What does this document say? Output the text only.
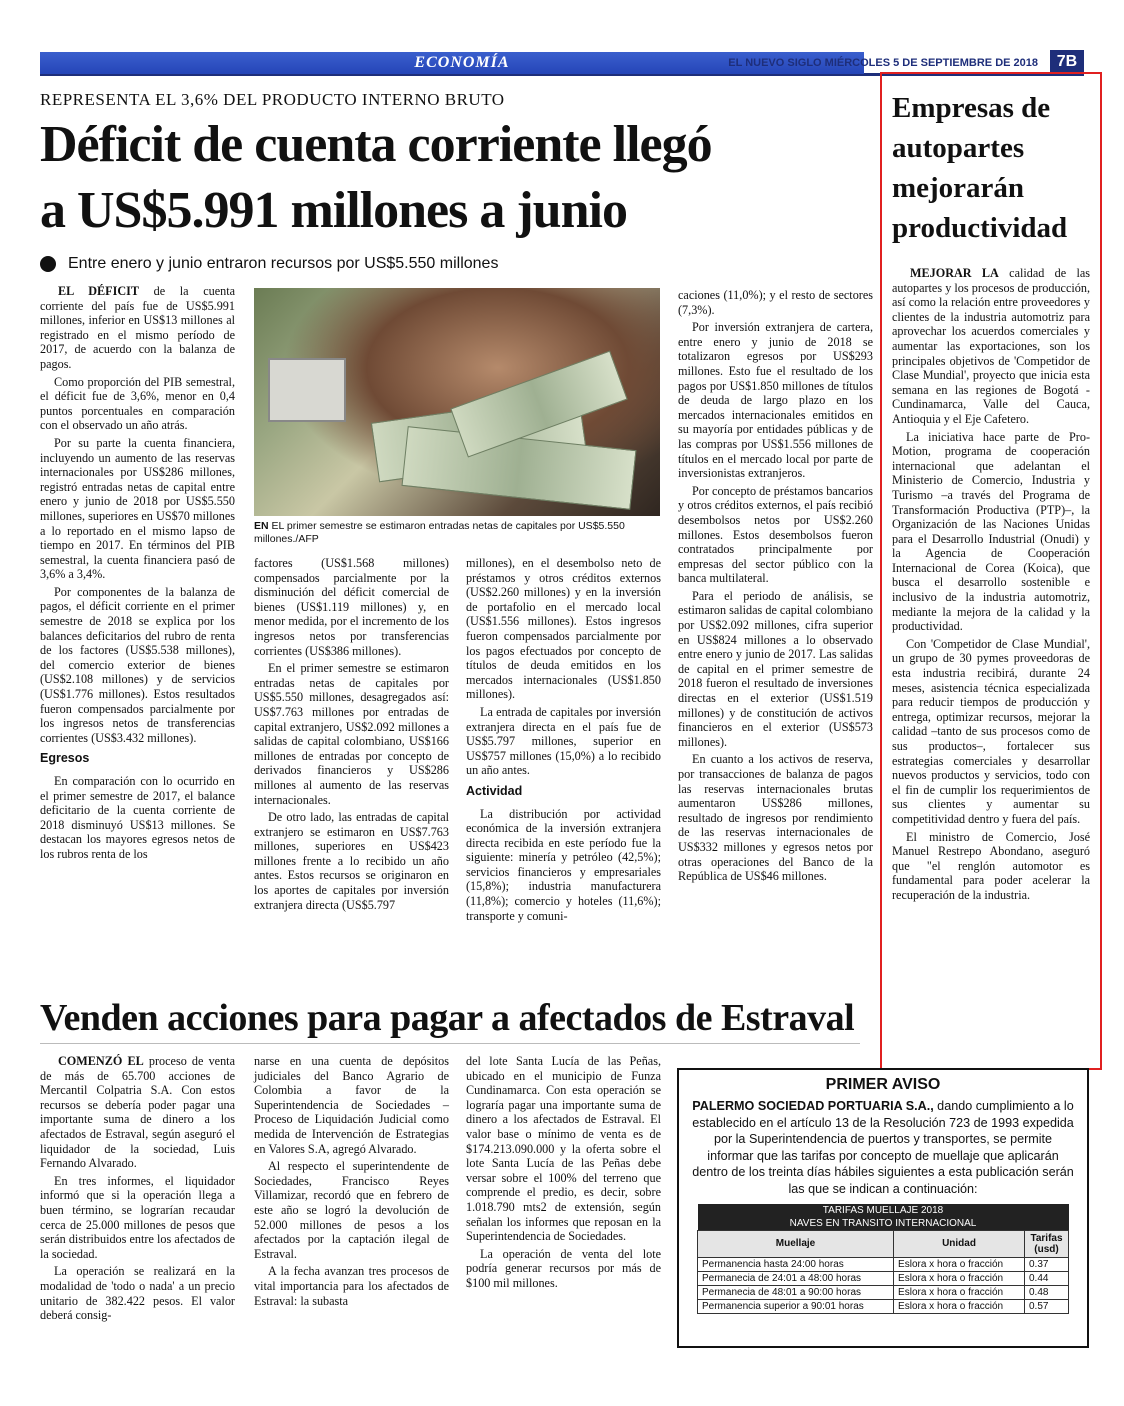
ECONOMÍA	EL NUEVO SIGLO MIÉRCOLES 5 DE SEPTIEMBRE DE 2018	7B
REPRESENTA EL 3,6% DEL PRODUCTO INTERNO BRUTO
Déficit de cuenta corriente llegó
a US$5.991 millones a junio
Entre enero y junio entraron recursos por US$5.550 millones

EL DÉFICIT de la cuenta corriente del país fue de US$5.991 millones, inferior en US$13 millones al registrado en el mismo período de 2017, de acuerdo con la balanza de pagos.

Como proporción del PIB semestral, el déficit fue de 3,6%, menor en 0,4 puntos porcentuales en comparación con el observado un año atrás.

Por su parte la cuenta financiera, incluyendo un aumento de las reservas internacionales por US$286 millones, registró entradas netas de capital entre enero y junio de 2018 por US$5.550 millones, superiores en US$70 millones a lo reportado en el mismo lapso de tiempo en 2017. En términos del PIB semestral, la cuenta financiera pasó de 3,6% a 3,4%.

Por componentes de la balanza de pagos, el déficit corriente en el primer semestre de 2018 se explica por los balances deficitarios del rubro de renta de los factores (US$5.538 millones), del comercio exterior de bienes (US$2.108 millones) y de servicios (US$1.776 millones). Estos resultados fueron compensados parcialmente por los ingresos netos de transferencias corrientes (US$3.432 millones).

Egresos

En comparación con lo ocurrido en el primer semestre de 2017, el balance deficitario de la cuenta corriente de 2018 disminuyó US$13 millones. Se destacan los mayores egresos netos de los rubros renta de los

EN EL primer semestre se estimaron entradas netas de capitales por US$5.550 millones./AFP

factores (US$1.568 millones) compensados parcialmente por la disminución del déficit comercial de bienes (US$1.119 millones) y, en menor medida, por el incremento de los ingresos netos por transferencias corrientes (US$386 millones).

En el primer semestre se estimaron entradas netas de capitales por US$5.550 millones, desagregados así: US$7.763 millones por entradas de capital extranjero, US$2.092 millones a salidas de capital colombiano, US$166 millones de entradas por concepto de derivados financieros y US$286 millones al aumento de las reservas internacionales.

De otro lado, las entradas de capital extranjero se estimaron en US$7.763 millones, superiores en US$423 millones frente a lo recibido un año antes. Estos recursos se originaron en los aportes de capitales por inversión extranjera directa (US$5.797

millones), en el desembolso neto de préstamos y otros créditos externos (US$2.260 millones) y en la inversión de portafolio en el mercado local (US$1.556 millones). Estos ingresos fueron compensados parcialmente por los pagos efectuados por concepto de títulos de deuda emitidos en los mercados internacionales (US$1.850 millones).

La entrada de capitales por inversión extranjera directa en el país fue de US$5.797 millones, superior en US$757 millones (15,0%) a lo recibido un año antes.

Actividad

La distribución por actividad económica de la inversión extranjera directa recibida en este período fue la siguiente: minería y petróleo (42,5%); servicios financieros y empresariales (15,8%); industria manufacturera (11,8%); comercio y hoteles (11,6%); transporte y comuni-

caciones (11,0%); y el resto de sectores (7,3%).

Por inversión extranjera de cartera, entre enero y junio de 2018 se totalizaron egresos por US$293 millones. Esto fue el resultado de los pagos por US$1.850 millones de títulos de deuda de largo plazo en los mercados internacionales emitidos en su mayoría por entidades públicas y de las compras por US$1.556 millones de títulos en el mercado local por parte de inversionistas extranjeros.

Por concepto de préstamos bancarios y otros créditos externos, el país recibió desembolsos netos por US$2.260 millones. Estos desembolsos fueron contratados principalmente por empresas del sector público con la banca multilateral.

Para el periodo de análisis, se estimaron salidas de capital colombiano por US$2.092 millones, cifra superior en US$824 millones a lo observado entre enero y junio de 2017. Las salidas de capital en el primer semestre de 2018 fueron el resultado de inversiones directas en el exterior (US$1.519 millones) y de constitución de activos financieros en el exterior (US$573 millones).

En cuanto a los activos de reserva, por transacciones de balanza de pagos las reservas internacionales brutas aumentaron US$286 millones, resultado de ingresos por rendimiento de las reservas internacionales de US$332 millones y egresos netos por otras operaciones del Banco de la República de US$46 millones.

Empresas de autopartes mejorarán productividad

MEJORAR LA calidad de las autopartes y los procesos de producción, así como la relación entre proveedores y clientes de la industria automotriz para aprovechar los acuerdos comerciales y aumentar las exportaciones, son los principales objetivos de 'Competidor de Clase Mundial', proyecto que inicia esta semana en las regiones de Bogotá - Cundinamarca, Valle del Cauca, Antioquia y el Eje Cafetero.

La iniciativa hace parte de Pro-Motion, programa de cooperación internacional que adelantan el Ministerio de Comercio, Industria y Turismo –a través del Programa de Transformación Productiva (PTP)–, la Organización de las Naciones Unidas para el Desarrollo Industrial (Onudi) y la Agencia de Cooperación Internacional de Corea (Koica), que busca el desarrollo sostenible e inclusivo de la industria automotriz, mediante la mejora de la calidad y la productividad.

Con 'Competidor de Clase Mundial', un grupo de 30 pymes proveedoras de esta industria recibirá, durante 24 meses, asistencia técnica especializada para reducir tiempos de producción y entrega, optimizar recursos, mejorar la calidad –tanto de sus procesos como de sus productos–, fortalecer sus estrategias comerciales y desarrollar nuevos productos y servicios, todo con el fin de cumplir los requerimientos de sus clientes y aumentar su competitividad dentro y fuera del país.

El ministro de Comercio, José Manuel Restrepo Abondano, aseguró que "el renglón automotor es fundamental para poder acelerar la recuperación de la industria.

Venden acciones para pagar a afectados de Estraval

COMENZÓ EL proceso de venta de más de 65.700 acciones de Mercantil Colpatria S.A. Con estos recursos se debería poder pagar una importante suma de dinero a los afectados de Estraval, según aseguró el liquidador de la sociedad, Luis Fernando Alvarado.

En tres informes, el liquidador informó que si la operación llega a buen término, se lograrían recaudar cerca de 25.000 millones de pesos que serán distribuidos entre los afectados de la sociedad.

La operación se realizará en la modalidad de 'todo o nada' a un precio unitario de 382.422 pesos. El valor deberá consig-

narse en una cuenta de depósitos judiciales del Banco Agrario de Colombia a favor de la Superintendencia de Sociedades – Proceso de Liquidación Judicial como medida de Intervención de Estrategias en Valores S.A, agregó Alvarado.

Al respecto el superintendente de Sociedades, Francisco Reyes Villamizar, recordó que en febrero de este año se logró la devolución de 52.000 millones de pesos a los afectados por la captación ilegal de Estraval.

A la fecha avanzan tres procesos de vital importancia para los afectados de Estraval: la subasta

del lote Santa Lucía de las Peñas, ubicado en el municipio de Funza Cundinamarca. Con esta operación se lograría pagar una importante suma de dinero a los afectados de Estraval. El valor base o mínimo de venta es de $174.213.090.000 y la oferta sobre el lote Santa Lucía de las Peñas debe versar sobre el 100% del terreno que comprende el predio, es decir, sobre 1.018.790 mts2 de extensión, según señalan los informes que reposan en la Superintendencia de Sociedades.

La operación de venta del lote podría generar recursos por más de $100 mil millones.

PRIMER AVISO
PALERMO SOCIEDAD PORTUARIA S.A., dando cumplimiento a lo establecido en el artículo 13 de la Resolución 723 de 1993 expedida por la Superintendencia de puertos y transportes, se permite informar que las tarifas por concepto de muellaje que aplicarán dentro de los treinta días hábiles siguientes a esta publicación serán las que se indican a continuación:
TARIFAS MUELLAJE 2018		
NAVES EN TRANSITO INTERNACIONAL		
Muellaje	Unidad	Tarifas (usd)
Permanencia hasta 24:00 horas	Eslora x hora o fracción	0.37
Permanecia de 24:01 a 48:00 horas	Eslora x hora o fracción	0.44
Permanecia de 48:01 a 90:00 horas	Eslora x hora o fracción	0.48
Permanencia superior a 90:01 horas	Eslora x hora o fracción	0.57
